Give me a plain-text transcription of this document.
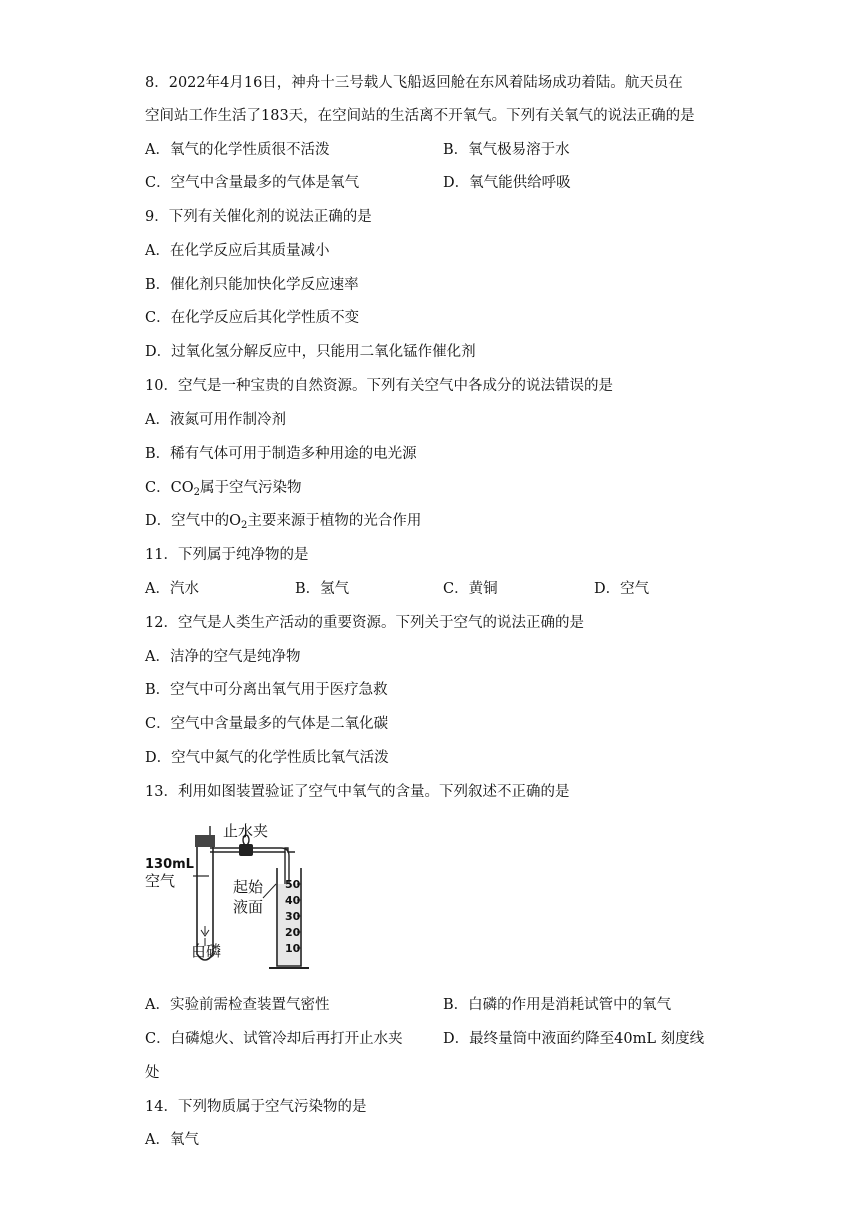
8．2022年4月16日，神舟十三号载人飞船返回舱在东风着陆场成功着陆。航天员在
空间站工作生活了183天，在空间站的生活离不开氧气。下列有关氧气的说法正确的是
A．氧气的化学性质很不活泼	B．氧气极易溶于水
C．空气中含量最多的气体是氧气	D．氧气能供给呼吸
9．下列有关催化剂的说法正确的是
A．在化学反应后其质量减小
B．催化剂只能加快化学反应速率
C．在化学反应后其化学性质不变
D．过氧化氢分解反应中，只能用二氧化锰作催化剂
10．空气是一种宝贵的自然资源。下列有关空气中各成分的说法错误的是
A．液氮可用作制冷剂
B．稀有气体可用于制造多种用途的电光源
C．$CO_2$属于空气污染物
D．空气中的$O_2$主要来源于植物的光合作用
11．下列属于纯净物的是
A．汽水	B．氢气	C．黄铜	D．空气
12．空气是人类生产活动的重要资源。下列关于空气的说法正确的是
A．洁净的空气是纯净物
B．空气中可分离出氧气用于医疗急救
C．空气中含量最多的气体是二氧化碳
D．空气中氮气的化学性质比氧气活泼
13．利用如图装置验证了空气中氧气的含量。下列叙述不正确的是
止水夹
130mL
空气	起始
液面
白磷
50
40
30
20
10
A．实验前需检查装置气密性	B．白磷的作用是消耗试管中的氧气
C．白磷熄火、试管冷却后再打开止水夹	D．最终量筒中液面约降至40mL 刻度线
处
14．下列物质属于空气污染物的是
A．氧气
